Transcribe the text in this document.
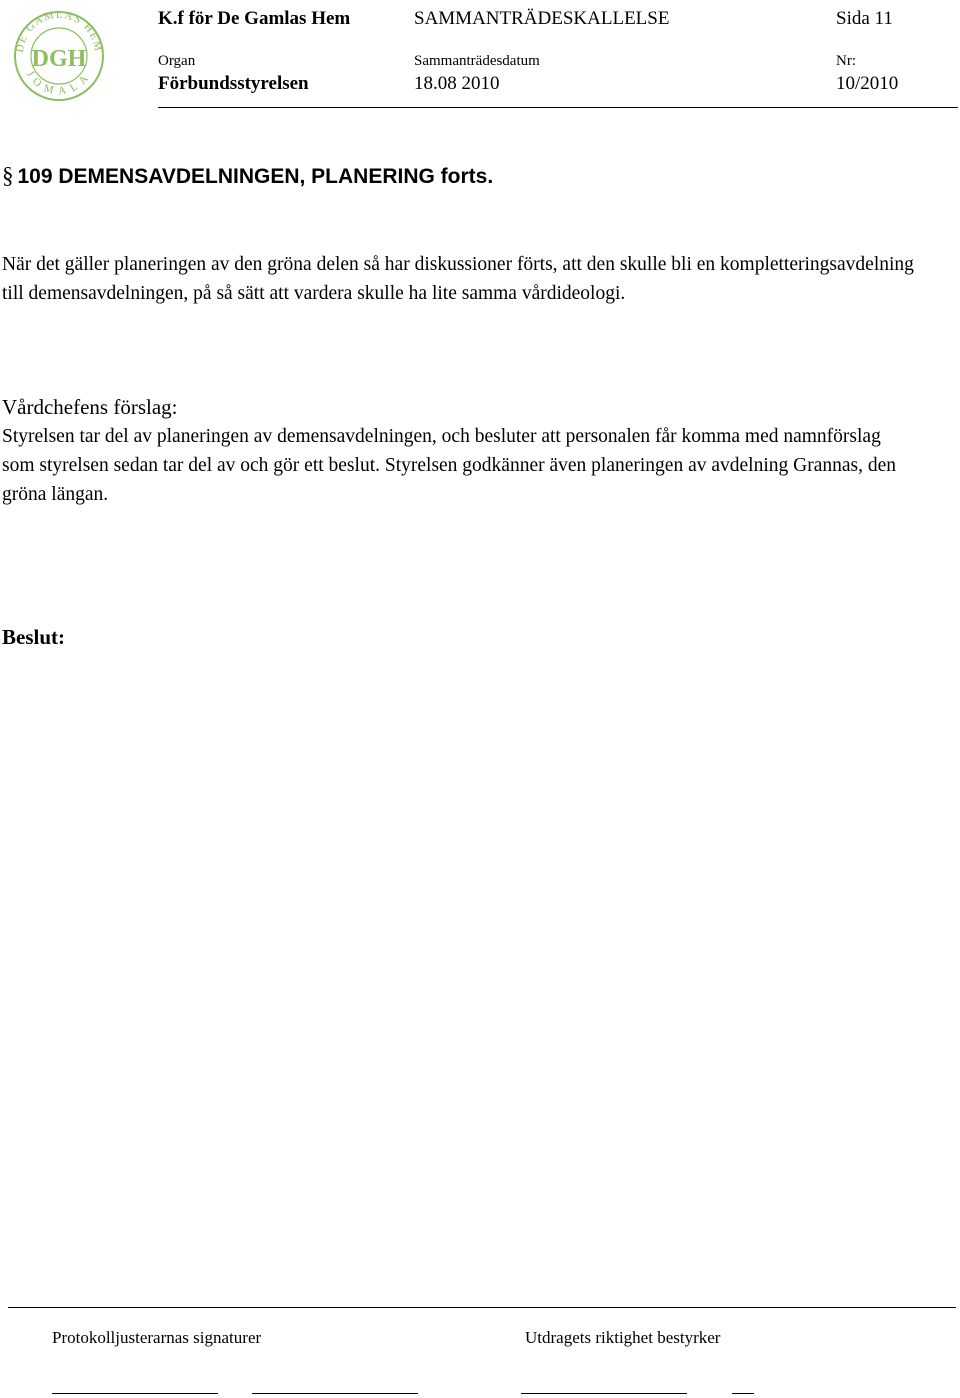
DE GAMLAS HEM
JOMALA
DGH
K.f för De Gamlas Hem	SAMMANTRÄDESKALLELSE	Sida 11
Organ	Sammanträdesdatum	Nr:
Förbundsstyrelsen	18.08 2010	10/2010
§ 109 DEMENSAVDELNINGEN, PLANERING forts.

När det gäller planeringen av den gröna delen så har diskussioner förts, att den skulle bli en kompletteringsavdelning till demensavdelningen, på så sätt att vardera skulle ha lite samma vårdideologi.

Vårdchefens förslag:

Styrelsen tar del av planeringen av demensavdelningen, och besluter att personalen får komma med namnförslag som styrelsen sedan tar del av och gör ett beslut. Styrelsen godkänner även planeringen av avdelning Grannas, den gröna längan.

Beslut:
Protokolljusterarnas signaturer	Utdragets riktighet bestyrker
